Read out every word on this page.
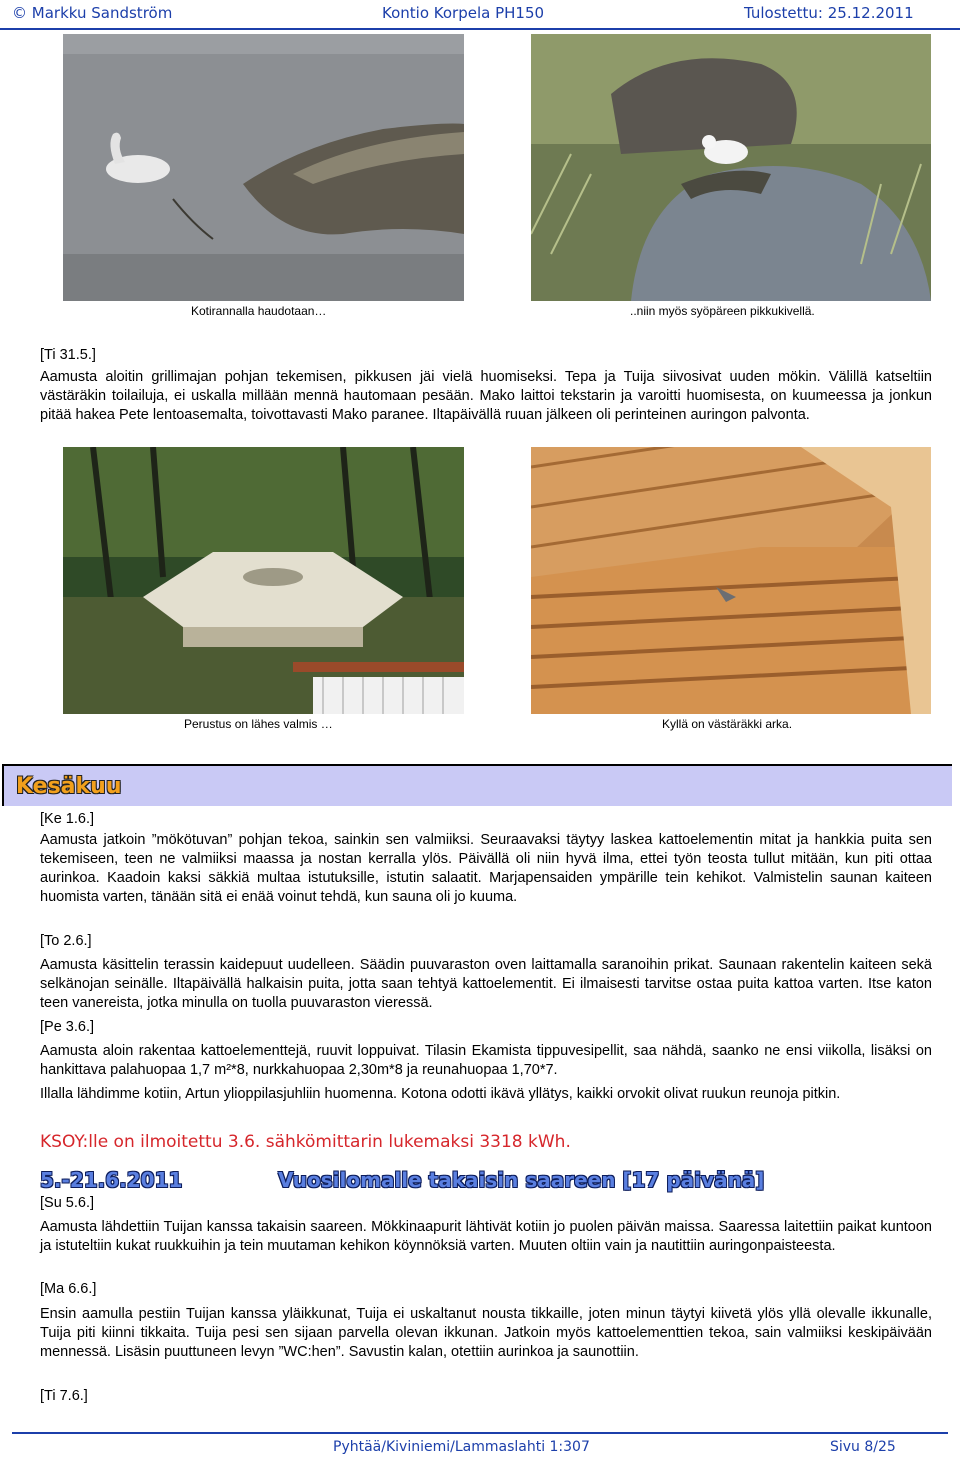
© Markku Sandström	Kontio Korpela PH150	Tulostettu: 25.12.2011
Kotirannalla haudotaan…	..niin myös syöpäreen pikkukivellä.
[Ti 31.5.]

Aamusta aloitin grillimajan pohjan tekemisen, pikkusen jäi vielä huomiseksi. Tepa ja Tuija siivosivat uuden mökin. Välillä katseltiin västäräkin toilailuja, ei uskalla millään mennä hautomaan pesään. Mako laittoi tekstarin ja varoitti huomisesta, on kuumeessa ja jonkun pitää hakea Pete lentoasemalta, toivottavasti Mako paranee. Iltapäivällä ruuan jälkeen oli perinteinen auringon palvonta.

Perustus on lähes valmis …	Kyllä on västäräkki arka.
Kesäkuu
[Ke 1.6.]

Aamusta jatkoin ”mökötuvan” pohjan tekoa, sainkin sen valmiiksi. Seuraavaksi täytyy laskea kattoelementin mitat ja hankkia puita sen tekemiseen, teen ne valmiiksi maassa ja nostan kerralla ylös. Päivällä oli niin hyvä ilma, ettei työn teosta tullut mitään, kun piti ottaa aurinkoa. Kaadoin kaksi säkkiä multaa istutuksille, istutin salaatit. Marjapensaiden ympärille tein kehikot. Valmistelin saunan kaiteen huomista varten, tänään sitä ei enää voinut tehdä, kun sauna oli jo kuuma.

[To 2.6.]

Aamusta käsittelin terassin kaidepuut uudelleen. Säädin puuvaraston oven laittamalla saranoihin prikat. Saunaan rakentelin kaiteen sekä selkänojan seinälle. Iltapäivällä halkaisin puita, jotta saan tehtyä kattoelementit. Ei ilmaisesti tarvitse ostaa puita kattoa varten. Itse katon teen vanereista, jotka minulla on tuolla puuvaraston vieressä.

[Pe 3.6.]

Aamusta aloin rakentaa kattoelementtejä, ruuvit loppuivat. Tilasin Ekamista tippuvesipellit, saa nähdä, saanko ne ensi viikolla, lisäksi on hankittava palahuopaa 1,7 m²*8, nurkkahuopaa 2,30m*8 ja reunahuopaa 1,70*7.

Illalla lähdimme kotiin, Artun ylioppilasjuhliin huomenna. Kotona odotti ikävä yllätys, kaikki orvokit olivat ruukun reunoja pitkin.

KSOY:lle on ilmoitettu 3.6. sähkömittarin lukemaksi 3318 kWh.
5.-21.6.2011	Vuosilomalle takaisin saareen [17 päivänä]
[Su 5.6.]

Aamusta lähdettiin Tuijan kanssa takaisin saareen. Mökkinaapurit lähtivät kotiin jo puolen päivän maissa. Saaressa laitettiin paikat kuntoon ja istuteltiin kukat ruukkuihin ja tein muutaman kehikon köynnöksiä varten. Muuten oltiin vain ja nautittiin auringonpaisteesta.

[Ma 6.6.]

Ensin aamulla pestiin Tuijan kanssa yläikkunat, Tuija ei uskaltanut nousta tikkaille, joten minun täytyi kiivetä ylös yllä olevalle ikkunalle, Tuija piti kiinni tikkaita. Tuija pesi sen sijaan parvella olevan ikkunan. Jatkoin myös kattoelementtien tekoa, sain valmiiksi keskipäivään mennessä. Lisäsin puuttuneen levyn ”WC:hen”. Savustin kalan, otettiin aurinkoa ja saunottiin.

[Ti 7.6.]
Pyhtää/Kiviniemi/Lammaslahti 1:307	Sivu 8/25
